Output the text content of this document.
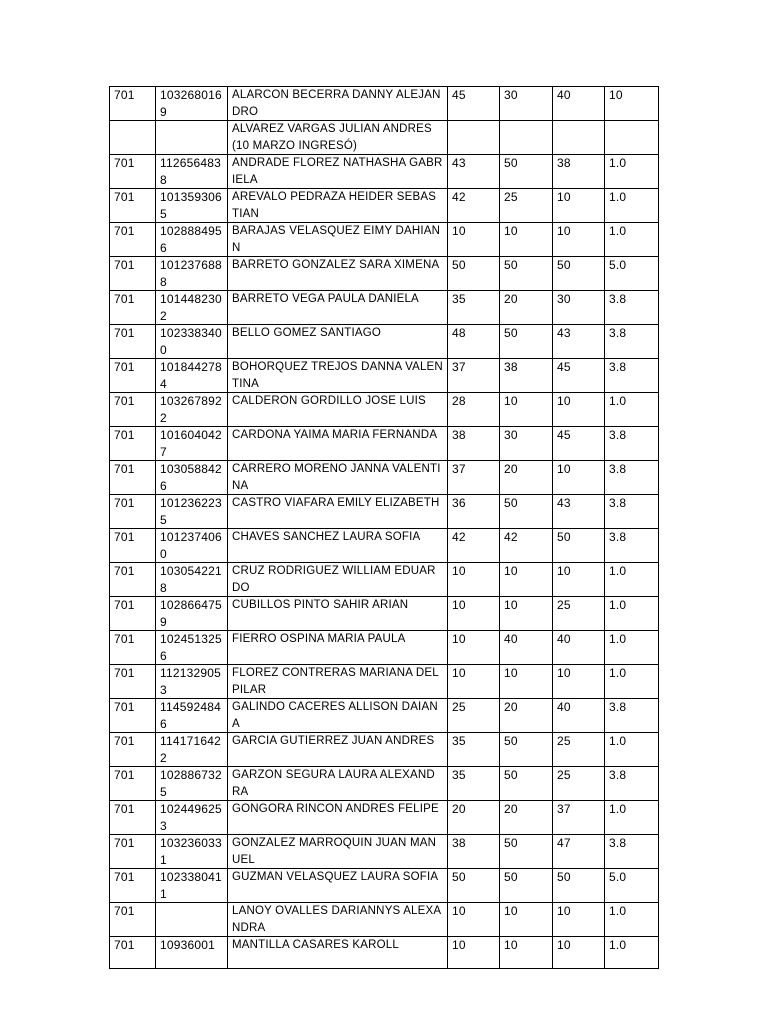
701	1032680169	ALARCON BECERRA DANNY ALEJANDRO	45	30	40	10
		ALVAREZ VARGAS JULIAN ANDRES (10 MARZO INGRESÓ)				
701	1126564838	ANDRADE FLOREZ NATHASHA GABRIELA	43	50	38	1.0
701	1013593065	AREVALO PEDRAZA HEIDER SEBASTIAN	42	25	10	1.0
701	1028884956	BARAJAS VELASQUEZ EIMY DAHIANN	10	10	10	1.0
701	1012376888	BARRETO GONZALEZ SARA XIMENA	50	50	50	5.0
701	1014482302	BARRETO VEGA PAULA DANIELA	35	20	30	3.8
701	1023383400	BELLO GOMEZ SANTIAGO	48	50	43	3.8
701	1018442784	BOHORQUEZ TREJOS DANNA VALENTINA	37	38	45	3.8
701	1032678922	CALDERON GORDILLO JOSE LUIS	28	10	10	1.0
701	1016040427	CARDONA YAIMA MARIA FERNANDA	38	30	45	3.8
701	1030588426	CARRERO MORENO JANNA VALENTINA	37	20	10	3.8
701	1012362235	CASTRO VIAFARA EMILY ELIZABETH	36	50	43	3.8
701	1012374060	CHAVES SANCHEZ LAURA SOFIA	42	42	50	3.8
701	1030542218	CRUZ RODRIGUEZ WILLIAM EDUARDO	10	10	10	1.0
701	1028664759	CUBILLOS PINTO SAHIR ARIAN	10	10	25	1.0
701	1024513256	FIERRO OSPINA MARIA PAULA	10	40	40	1.0
701	1121329053	FLOREZ CONTRERAS MARIANA DELPILAR	10	10	10	1.0
701	1145924846	GALINDO CACERES ALLISON DAIANA	25	20	40	3.8
701	1141716422	GARCIA GUTIERREZ JUAN ANDRES	35	50	25	1.0
701	1028867325	GARZON SEGURA LAURA ALEXANDRA	35	50	25	3.8
701	1024496253	GONGORA RINCON ANDRES FELIPE	20	20	37	1.0
701	1032360331	GONZALEZ MARROQUIN JUAN MANUEL	38	50	47	3.8
701	1023380411	GUZMAN VELASQUEZ LAURA SOFIA	50	50	50	5.0
701		LANOY OVALLES DARIANNYS ALEXANDRA	10	10	10	1.0
701	10936001	MANTILLA CASARES KAROLL	10	10	10	1.0
